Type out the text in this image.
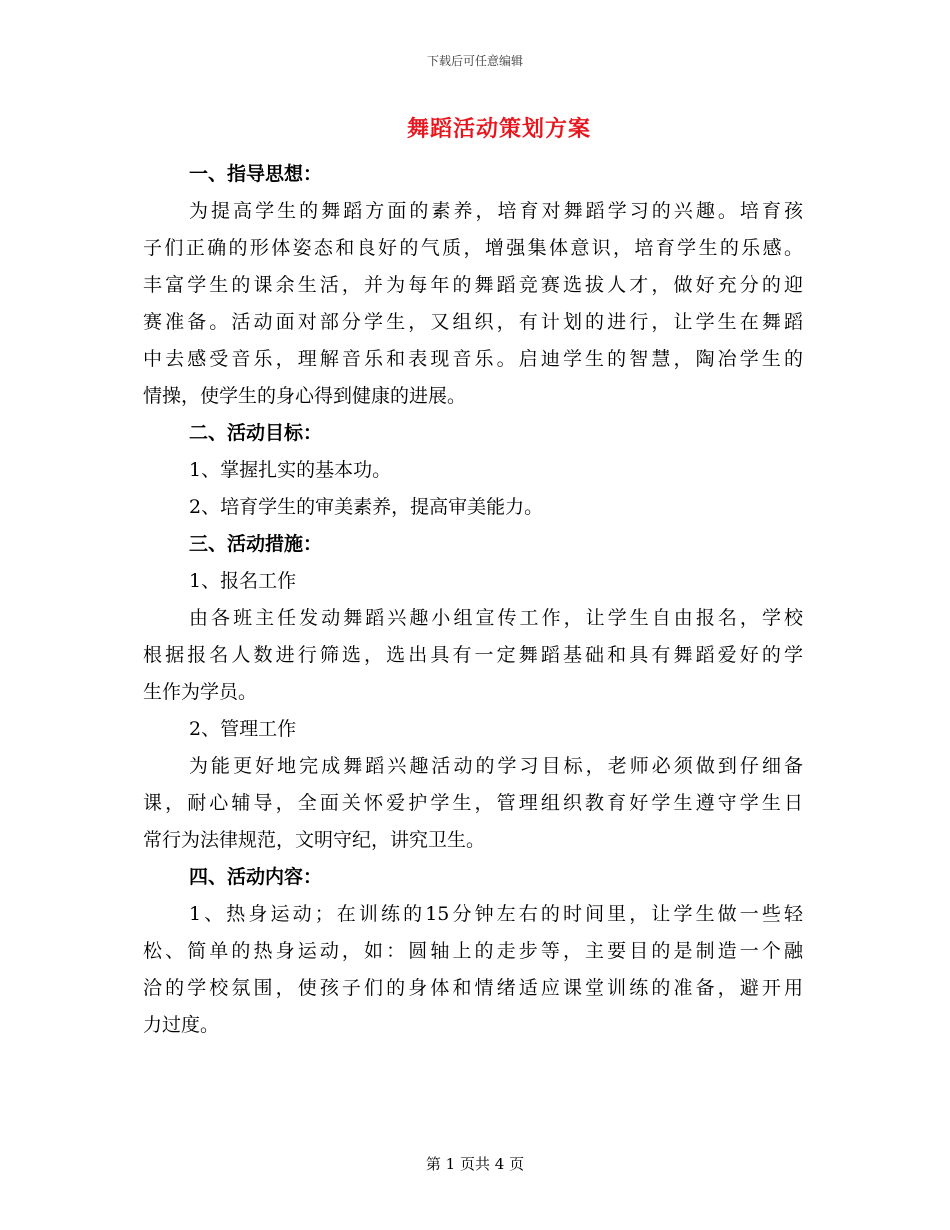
下载后可任意编辑
舞蹈活动策划方案
一、指导思想：
为提高学生的舞蹈方面的素养，培育对舞蹈学习的兴趣。培育孩
子们正确的形体姿态和良好的气质，增强集体意识，培育学生的乐感。
丰富学生的课余生活，并为每年的舞蹈竞赛选拔人才，做好充分的迎
赛准备。活动面对部分学生，又组织，有计划的进行，让学生在舞蹈
中去感受音乐，理解音乐和表现音乐。启迪学生的智慧，陶冶学生的
情操，使学生的身心得到健康的进展。
二、活动目标：
1、掌握扎实的基本功。
2、培育学生的审美素养，提高审美能力。
三、活动措施：
1、报名工作
由各班主任发动舞蹈兴趣小组宣传工作，让学生自由报名，学校
根据报名人数进行筛选，选出具有一定舞蹈基础和具有舞蹈爱好的学
生作为学员。
2、管理工作
为能更好地完成舞蹈兴趣活动的学习目标，老师必须做到仔细备
课，耐心辅导，全面关怀爱护学生，管理组织教育好学生遵守学生日
常行为法律规范，文明守纪，讲究卫生。
四、活动内容：
1、热身运动；在训练的15分钟左右的时间里，让学生做一些轻
松、简单的热身运动，如：圆轴上的走步等，主要目的是制造一个融
洽的学校氛围，使孩子们的身体和情绪适应课堂训练的准备，避开用
力过度。
第 1 页共 4 页
